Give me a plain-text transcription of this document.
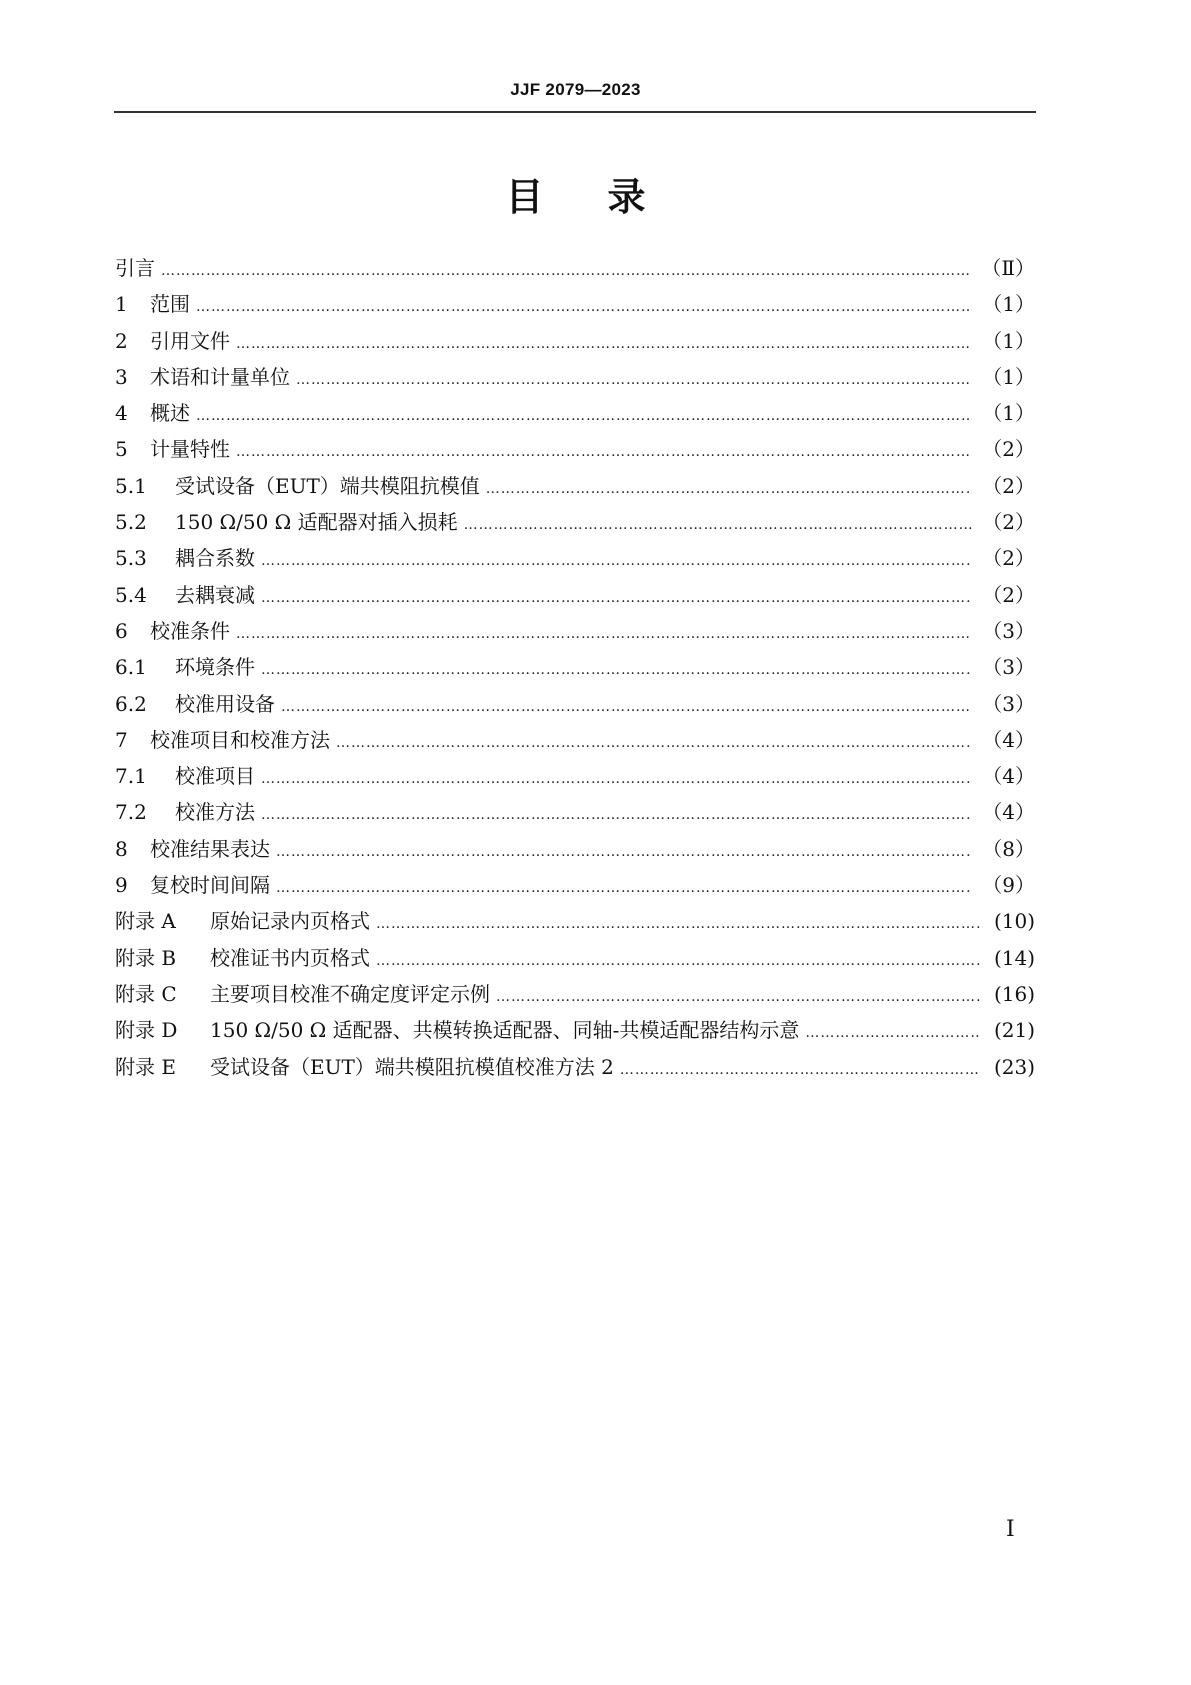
JJF 2079—2023
目 录
引言 ……………………………………………………………………………………………………………………………………………………………………………………………………………	（Ⅱ）
1	范围 ……………………………………………………………………………………………………………………………………………………………………………………………………………	（1）
2	引用文件 ……………………………………………………………………………………………………………………………………………………………………………………………………………	（1）
3	术语和计量单位 ……………………………………………………………………………………………………………………………………………………………………………………………………………	（1）
4	概述 ……………………………………………………………………………………………………………………………………………………………………………………………………………	（1）
5	计量特性 ……………………………………………………………………………………………………………………………………………………………………………………………………………	（2）
5.1	受试设备（EUT）端共模阻抗模值 ……………………………………………………………………………………………………………………………………………………………………………………………………………	（2）
5.2	150 Ω/50 Ω 适配器对插入损耗 ……………………………………………………………………………………………………………………………………………………………………………………………………………	（2）
5.3	耦合系数 ……………………………………………………………………………………………………………………………………………………………………………………………………………	（2）
5.4	去耦衰减 ……………………………………………………………………………………………………………………………………………………………………………………………………………	（2）
6	校准条件 ……………………………………………………………………………………………………………………………………………………………………………………………………………	（3）
6.1	环境条件 ……………………………………………………………………………………………………………………………………………………………………………………………………………	（3）
6.2	校准用设备 ……………………………………………………………………………………………………………………………………………………………………………………………………………	（3）
7	校准项目和校准方法 ……………………………………………………………………………………………………………………………………………………………………………………………………………	（4）
7.1	校准项目 ……………………………………………………………………………………………………………………………………………………………………………………………………………	（4）
7.2	校准方法 ……………………………………………………………………………………………………………………………………………………………………………………………………………	（4）
8	校准结果表达 ……………………………………………………………………………………………………………………………………………………………………………………………………………	（8）
9	复校时间间隔 ……………………………………………………………………………………………………………………………………………………………………………………………………………	（9）
附录 A	原始记录内页格式 ……………………………………………………………………………………………………………………………………………………………………………………………………………	(10)
附录 B	校准证书内页格式 ……………………………………………………………………………………………………………………………………………………………………………………………………………	(14)
附录 C	主要项目校准不确定度评定示例 ……………………………………………………………………………………………………………………………………………………………………………………………………………	(16)
附录 D	150 Ω/50 Ω 适配器、共模转换适配器、同轴-共模适配器结构示意 ……………………………………………………………………………………………………………………………………………………………………………………………………………	(21)
附录 E	受试设备（EUT）端共模阻抗模值校准方法 2 ……………………………………………………………………………………………………………………………………………………………………………………………………………	(23)
I
